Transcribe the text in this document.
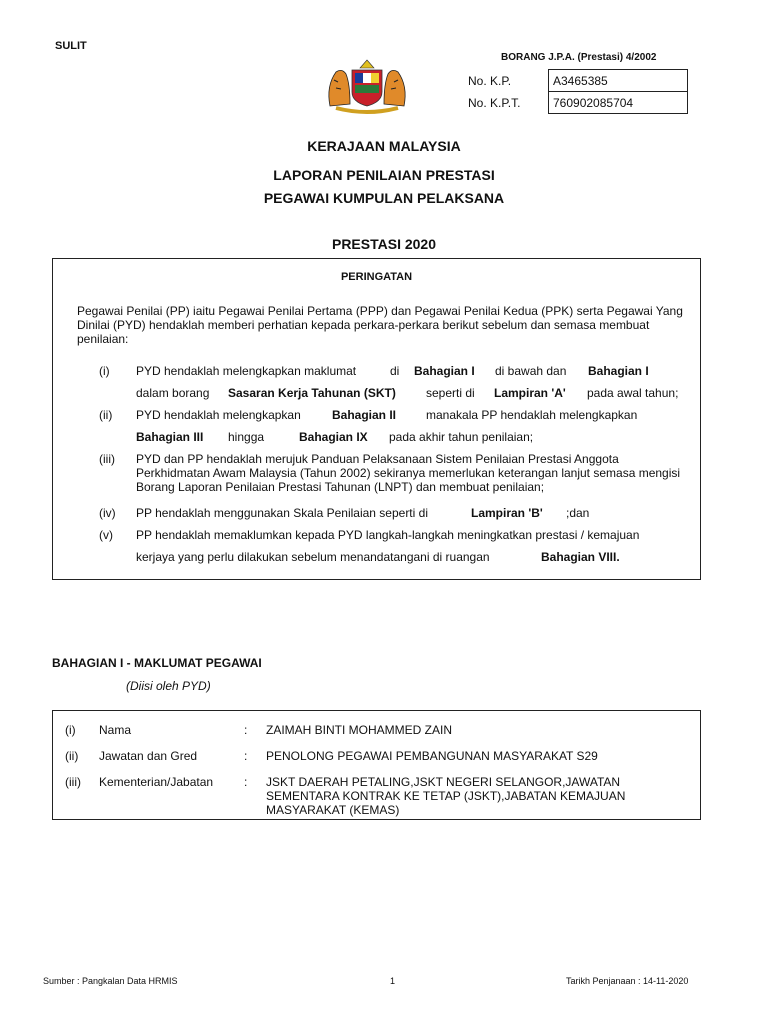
SULIT
BORANG J.P.A. (Prestasi) 4/2002
No. K.P.	A3465385
No. K.P.T.	760902085704
KERAJAAN MALAYSIA
LAPORAN PENILAIAN PRESTASI
PEGAWAI KUMPULAN PELAKSANA
PRESTASI 2020
PERINGATAN
Pegawai Penilai (PP) iaitu Pegawai Penilai Pertama (PPP) dan Pegawai Penilai Kedua (PPK) serta Pegawai Yang Dinilai (PYD) hendaklah memberi perhatian kepada perkara-perkara berikut sebelum dan semasa membuat penilaian:
(i) PYD hendaklah melengkapkan maklumat	di Bahagian I di bawah dan Bahagian I
dalam borang Sasaran Kerja Tahunan (SKT)	seperti di Lampiran 'A' pada awal tahun;
(ii) PYD hendaklah melengkapkan	Bahagian II manakala PP hendaklah melengkapkan
Bahagian III hingga	Bahagian IX pada akhir tahun penilaian;
(iii) PYD dan PP hendaklah merujuk Panduan Pelaksanaan Sistem Penilaian Prestasi Anggota Perkhidmatan Awam Malaysia (Tahun 2002) sekiranya memerlukan keterangan lanjut semasa mengisi Borang Laporan Penilaian Prestasi Tahunan (LNPT) dan membuat penilaian;
(iv) PP hendaklah menggunakan Skala Penilaian seperti di	Lampiran 'B' ;dan
(v) PP hendaklah memaklumkan kepada PYD langkah-langkah meningkatkan prestasi / kemajuan
kerjaya yang perlu dilakukan sebelum menandatangani di ruangan	Bahagian VIII.
BAHAGIAN I - MAKLUMAT PEGAWAI
(Diisi oleh PYD)
(i) Nama	: ZAIMAH BINTI MOHAMMED ZAIN
(ii) Jawatan dan Gred	: PENOLONG PEGAWAI PEMBANGUNAN MASYARAKAT S29
(iii) Kementerian/Jabatan	: JSKT DAERAH PETALING,JSKT NEGERI SELANGOR,JAWATAN SEMENTARA KONTRAK KE TETAP (JSKT),JABATAN KEMAJUAN MASYARAKAT (KEMAS)
Sumber : Pangkalan Data HRMIS	1	Tarikh Penjanaan : 14-11-2020
